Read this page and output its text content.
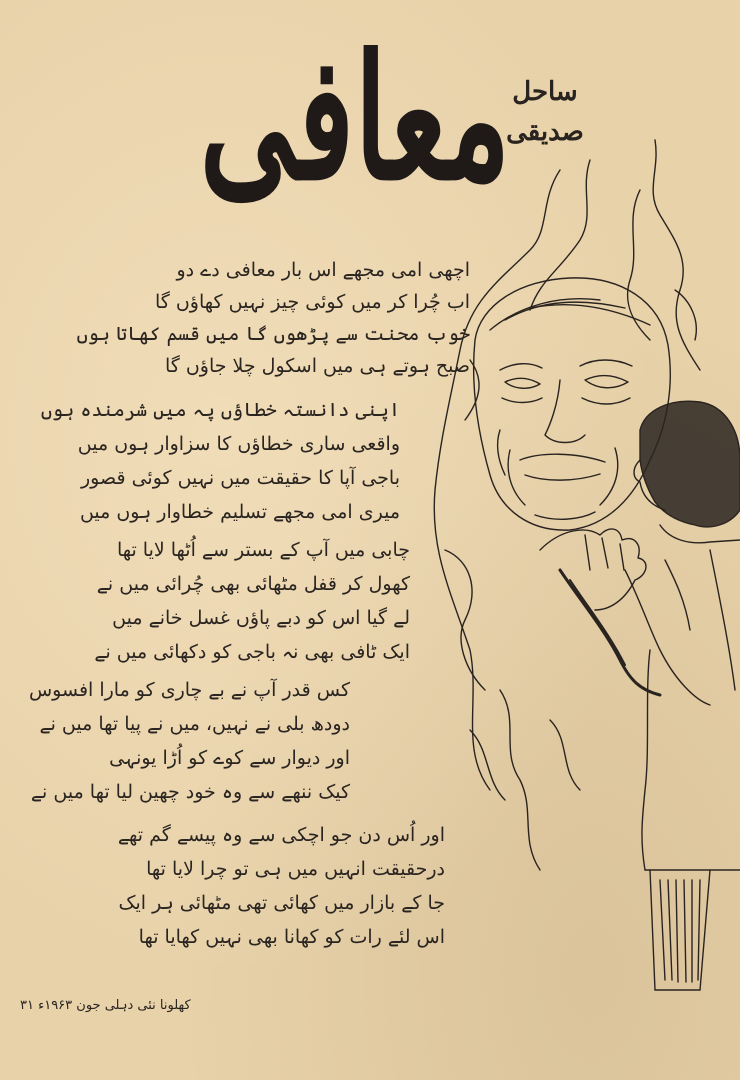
معافی ساحل صدیقی
اچھی امی مجھے اس بار معافی دے دو
اب چُرا کر میں کوئی چیز نہیں کھاؤں گا
خوب محنت سے پڑھوں گا میں قسم کھاتا ہوں
صبح ہوتے ہی میں اسکول چلا جاؤں گا
اپنی دانستہ خطاؤں پہ میں شرمندہ ہوں
واقعی ساری خطاؤں کا سزاوار ہوں میں
باجی آپا کا حقیقت میں نہیں کوئی قصور
میری امی مجھے تسلیم خطاوار ہوں میں
چابی میں آپ کے بستر سے اُٹھا لایا تھا
کھول کر قفل مٹھائی بھی چُرائی میں نے
لے گیا اس کو دبے پاؤں غسل خانے میں
ایک ٹافی بھی نہ باجی کو دکھائی میں نے
کس قدر آپ نے بے چاری کو مارا افسوس
دودھ بلی نے نہیں، میں نے پیا تھا میں نے
اور دیوار سے کوے کو اُڑا یونہی
کیک ننھے سے وہ خود چھین لیا تھا میں نے
اور اُس دن جو اچکی سے وہ پیسے گم تھے
درحقیقت انہیں میں ہی تو چرا لایا تھا
جا کے بازار میں کھائی تھی مٹھائی ہر ایک
اس لئے رات کو کھانا بھی نہیں کھایا تھا
کھلونا نئی دہلی جون ۱۹۶۳ء ۳۱
